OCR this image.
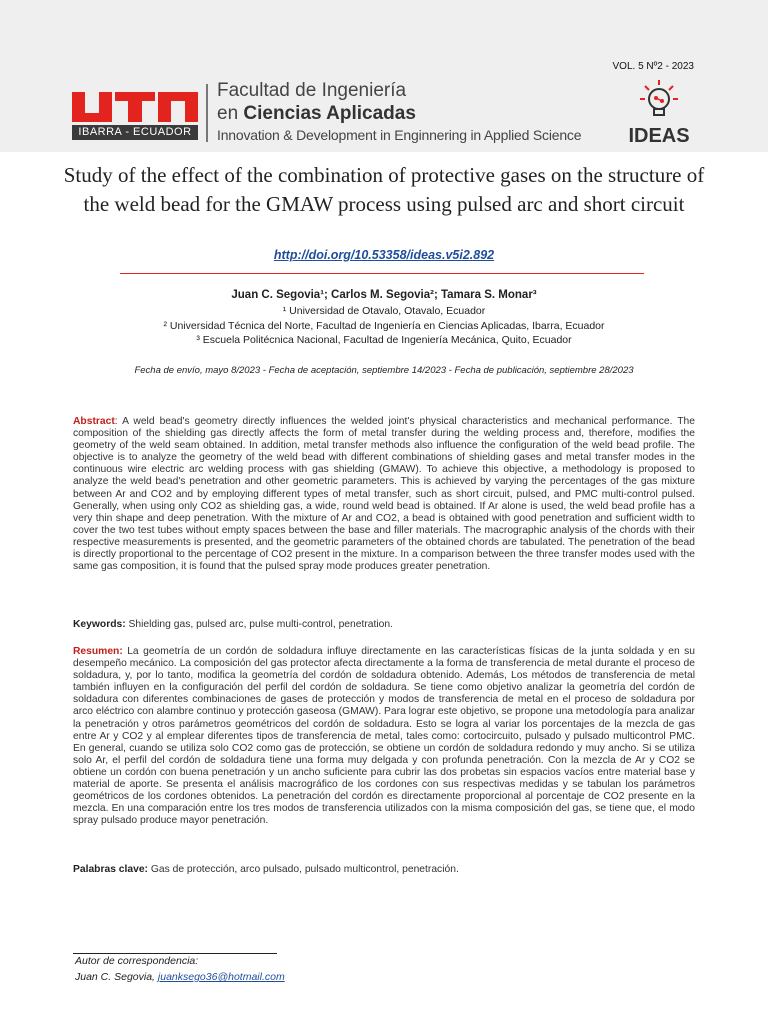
VOL. 5 Nº2 - 2023
IBARRA - ECUADOR
Facultad de Ingeniería
en Ciencias Aplicadas
Innovation & Development in Enginnering in Applied Science IDEAS
Study of the effect of the combination of protective gases on the structure of the weld bead for the GMAW process using pulsed arc and short circuit
http://doi.org/10.53358/ideas.v5i2.892
Juan C. Segovia¹; Carlos M. Segovia²; Tamara S. Monar³
¹ Universidad de Otavalo, Otavalo, Ecuador
² Universidad Técnica del Norte, Facultad de Ingeniería en Ciencias Aplicadas, Ibarra, Ecuador
³ Escuela Politécnica Nacional, Facultad de Ingeniería Mecánica, Quito, Ecuador
Fecha de envío, mayo 8/2023 - Fecha de aceptación, septiembre 14/2023 - Fecha de publicación, septiembre 28/2023
Abstract: A weld bead's geometry directly influences the welded joint's physical characteristics and mechanical performance. The composition of the shielding gas directly affects the form of metal transfer during the welding process and, therefore, modifies the geometry of the weld seam obtained. In addition, metal transfer methods also influence the configuration of the weld bead profile. The objective is to analyze the geometry of the weld bead with different combinations of shielding gases and metal transfer modes in the continuous wire electric arc welding process with gas shielding (GMAW). To achieve this objective, a methodology is proposed to analyze the weld bead's penetration and other geometric parameters. This is achieved by varying the percentages of the gas mixture between Ar and CO2 and by employing different types of metal transfer, such as short circuit, pulsed, and PMC multi-control pulsed. Generally, when using only CO2 as shielding gas, a wide, round weld bead is obtained. If Ar alone is used, the weld bead profile has a very thin shape and deep penetration. With the mixture of Ar and CO2, a bead is obtained with good penetration and sufficient width to cover the two test tubes without empty spaces between the base and filler materials. The macrographic analysis of the chords with their respective measurements is presented, and the geometric parameters of the obtained chords are tabulated. The penetration of the bead is directly proportional to the percentage of CO2 present in the mixture. In a comparison between the three transfer modes used with the same gas composition, it is found that the pulsed spray mode produces greater penetration.
Keywords: Shielding gas, pulsed arc, pulse multi-control, penetration.
Resumen: La geometría de un cordón de soldadura influye directamente en las características físicas de la junta soldada y en su desempeño mecánico. La composición del gas protector afecta directamente a la forma de transferencia de metal durante el proceso de soldadura, y, por lo tanto, modifica la geometría del cordón de soldadura obtenido. Además, Los métodos de transferencia de metal también influyen en la configuración del perfil del cordón de soldadura. Se tiene como objetivo analizar la geometría del cordón de soldadura con diferentes combinaciones de gases de protección y modos de transferencia de metal en el proceso de soldadura por arco eléctrico con alambre continuo y protección gaseosa (GMAW). Para lograr este objetivo, se propone una metodología para analizar la penetración y otros parámetros geométricos del cordón de soldadura. Esto se logra al variar los porcentajes de la mezcla de gas entre Ar y CO2 y al emplear diferentes tipos de transferencia de metal, tales como: cortocircuito, pulsado y pulsado multicontrol PMC. En general, cuando se utiliza solo CO2 como gas de protección, se obtiene un cordón de soldadura redondo y muy ancho. Si se utiliza solo Ar, el perfil del cordón de soldadura tiene una forma muy delgada y con profunda penetración. Con la mezcla de Ar y CO2 se obtiene un cordón con buena penetración y un ancho suficiente para cubrir las dos probetas sin espacios vacíos entre material base y material de aporte. Se presenta el análisis macrográfico de los cordones con sus respectivas medidas y se tabulan los parámetros geométricos de los cordones obtenidos. La penetración del cordón es directamente proporcional al porcentaje de CO2 presente en la mezcla. En una comparación entre los tres modos de transferencia utilizados con la misma composición del gas, se tiene que, el modo spray pulsado produce mayor penetración.
Palabras clave: Gas de protección, arco pulsado, pulsado multicontrol, penetración.
Autor de correspondencia:
Juan C. Segovia, juanksego36@hotmail.com
